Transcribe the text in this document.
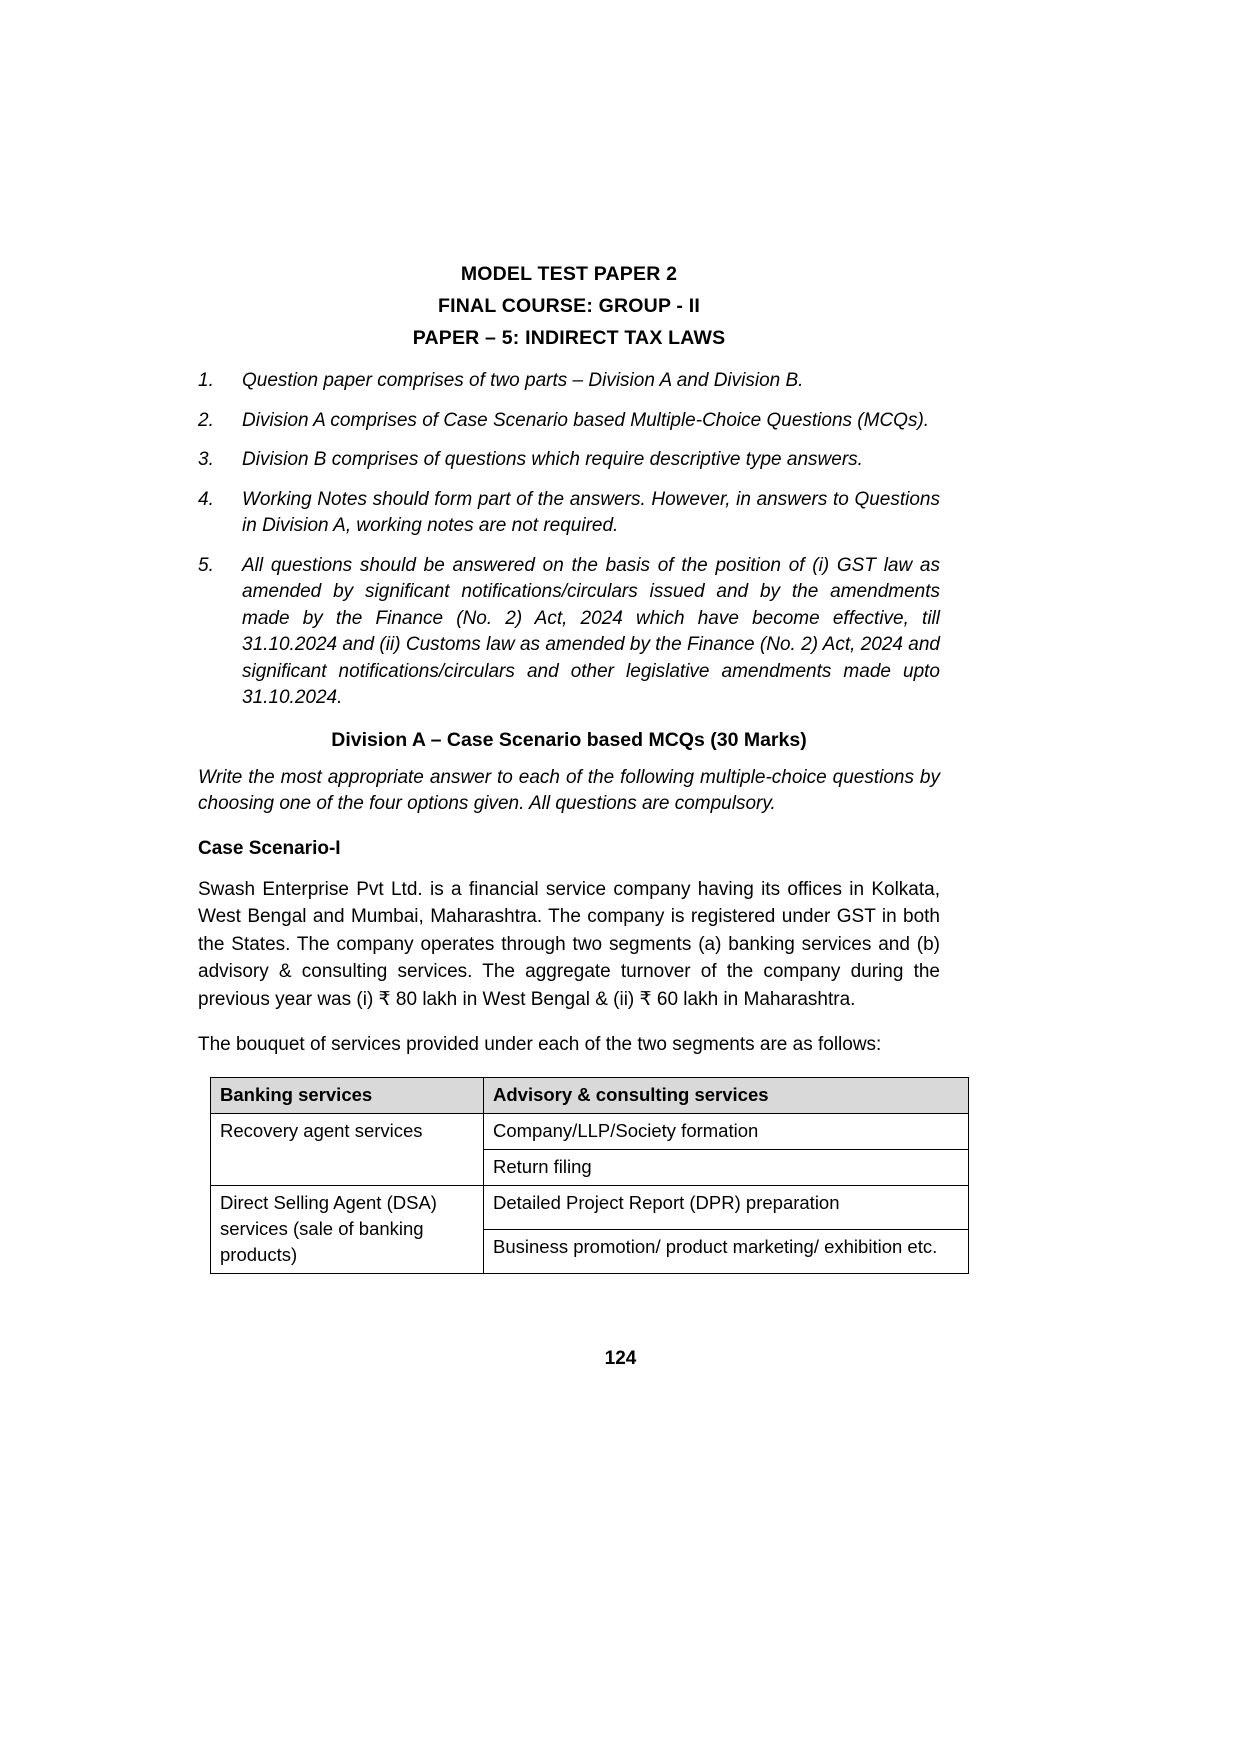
MODEL TEST PAPER 2
FINAL COURSE: GROUP - II
PAPER – 5: INDIRECT TAX LAWS
1.	Question paper comprises of two parts – Division A and Division B.
2.	Division A comprises of Case Scenario based Multiple-Choice Questions (MCQs).
3.	Division B comprises of questions which require descriptive type answers.
4.	Working Notes should form part of the answers. However, in answers to Questions in Division A, working notes are not required.
5.	All questions should be answered on the basis of the position of (i) GST law as amended by significant notifications/circulars issued and by the amendments made by the Finance (No. 2) Act, 2024 which have become effective, till 31.10.2024 and (ii) Customs law as amended by the Finance (No. 2) Act, 2024 and significant notifications/circulars and other legislative amendments made upto 31.10.2024.
Division A – Case Scenario based MCQs (30 Marks)
Write the most appropriate answer to each of the following multiple-choice questions by choosing one of the four options given. All questions are compulsory.
Case Scenario-I
Swash Enterprise Pvt Ltd. is a financial service company having its offices in Kolkata, West Bengal and Mumbai, Maharashtra. The company is registered under GST in both the States. The company operates through two segments (a) banking services and (b) advisory & consulting services. The aggregate turnover of the company during the previous year was (i) ₹ 80 lakh in West Bengal & (ii) ₹ 60 lakh in Maharashtra.
The bouquet of services provided under each of the two segments are as follows:
Banking services	Advisory & consulting services
Recovery agent services	Company/LLP/Society formation
	Return filing
Direct Selling Agent (DSA) services (sale of banking products)	Detailed Project Report (DPR) preparation
	Business promotion/ product marketing/ exhibition etc.
124
